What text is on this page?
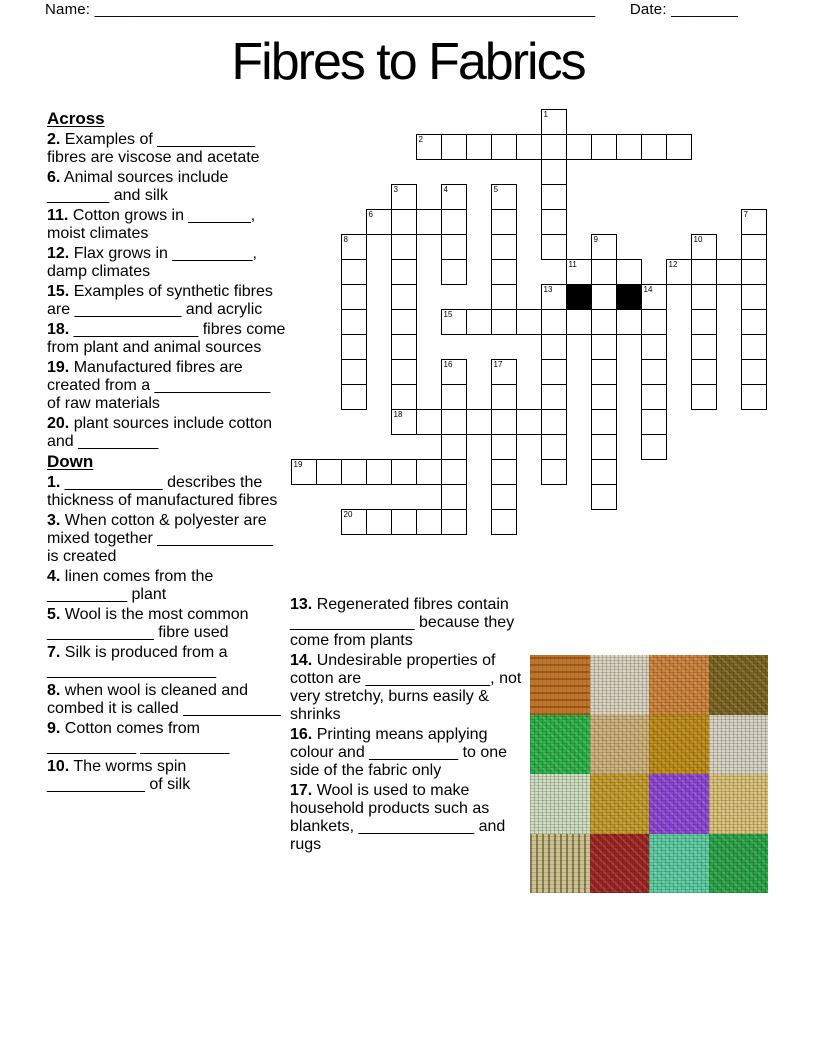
Name: ____________________________________________________________ Date: ________
Fibres to Fabrics
Across
2. Examples of ___________ fibres are viscose and acetate
6. Animal sources include _______ and silk
11. Cotton grows in _______, moist climates
12. Flax grows in _________, damp climates
15. Examples of synthetic fibres are ____________ and acrylic
18. ______________ fibres come from plant and animal sources
19. Manufactured fibres are created from a _____________ of raw materials
20. plant sources include cotton and _________
Down
1. ___________ describes the thickness of manufactured fibres
3. When cotton & polyester are mixed together _____________ is created
4. linen comes from the _________ plant
5. Wool is the most common ____________ fibre used
7. Silk is produced from a ___________________
8. when wool is cleaned and combed it is called ___________
9. Cotton comes from __________ __________
10. The worms spin ___________ of silk
13. Regenerated fibres contain ______________ because they come from plants
14. Undesirable properties of cotton are ______________, not very stretchy, burns easily & shrinks
16. Printing means applying colour and __________ to one side of the fabric only
17. Wool is used to make household products such as blankets, _____________ and rugs
1
2
3
18
4	5
6	7
8	9	10
11	12
13	14
15
16	17
19
20
